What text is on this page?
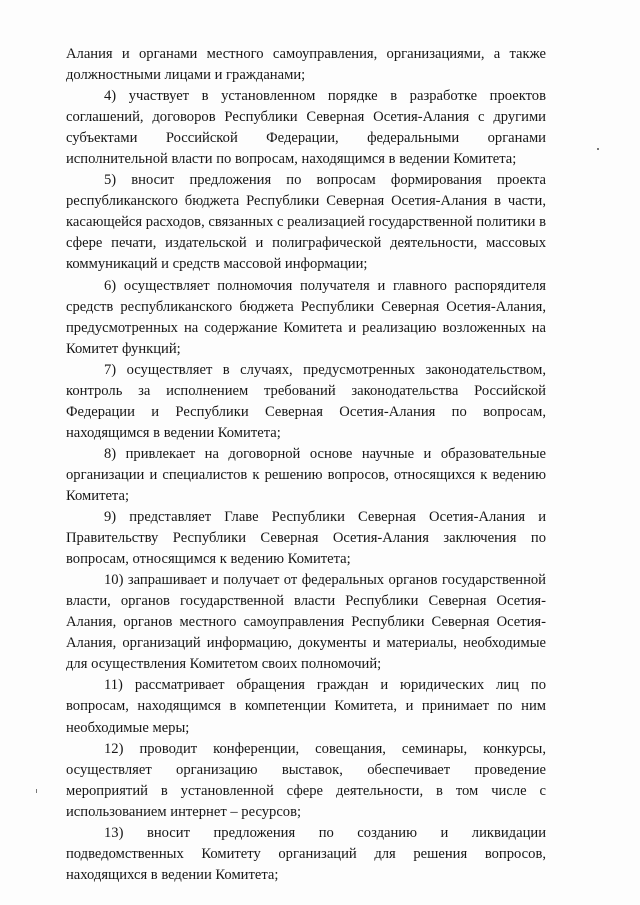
Алания и органами местного самоуправления, организациями, а также должностными лицами и гражданами;

4) участвует в установленном порядке в разработке проектов соглашений, договоров Республики Северная Осетия-Алания с другими субъектами Российской Федерации, федеральными органами исполнительной власти по вопросам, находящимся в ведении Комитета;

5) вносит предложения по вопросам формирования проекта республиканского бюджета Республики Северная Осетия-Алания в части, касающейся расходов, связанных с реализацией государственной политики в сфере печати, издательской и полиграфической деятельности, массовых коммуникаций и средств массовой информации;

6) осуществляет полномочия получателя и главного распорядителя средств республиканского бюджета Республики Северная Осетия-Алания, предусмотренных на содержание Комитета и реализацию возложенных на Комитет функций;

7) осуществляет в случаях, предусмотренных законодательством, контроль за исполнением требований законодательства Российской Федерации и Республики Северная Осетия-Алания по вопросам, находящимся в ведении Комитета;

8) привлекает на договорной основе научные и образовательные организации и специалистов к решению вопросов, относящихся к ведению Комитета;

9) представляет Главе Республики Северная Осетия-Алания и Правительству Республики Северная Осетия-Алания заключения по вопросам, относящимся к ведению Комитета;

10) запрашивает и получает от федеральных органов государственной власти, органов государственной власти Республики Северная Осетия-Алания, органов местного самоуправления Республики Северная Осетия-Алания, организаций информацию, документы и материалы, необходимые для осуществления Комитетом своих полномочий;

11) рассматривает обращения граждан и юридических лиц по вопросам, находящимся в компетенции Комитета, и принимает по ним необходимые меры;

12) проводит конференции, совещания, семинары, конкурсы, осуществляет организацию выставок, обеспечивает проведение мероприятий в установленной сфере деятельности, в том числе с использованием интернет – ресурсов;

13) вносит предложения по созданию и ликвидации подведомственных Комитету организаций для решения вопросов, находящихся в ведении Комитета;
